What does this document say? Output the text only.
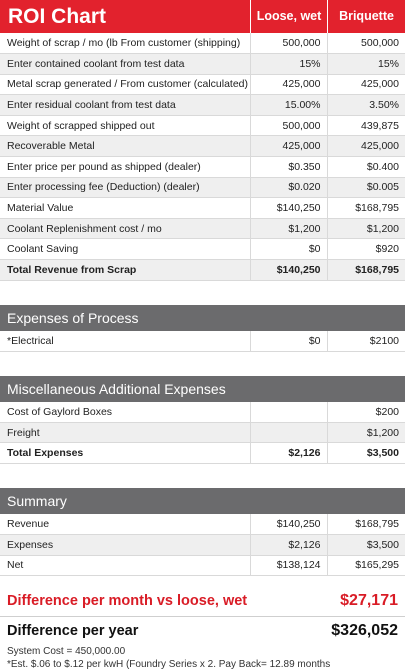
ROI Chart	Loose, wet	Briquette
Weight of scrap / mo (lb From customer (shipping)	500,000	500,000
Enter contained coolant from test data	15%	15%
Metal scrap generated / From customer (calculated)	425,000	425,000
Enter residual coolant from test data	15.00%	3.50%
Weight of scrapped shipped out	500,000	439,875
Recoverable Metal	425,000	425,000
Enter price per pound as shipped (dealer)	$0.350	$0.400
Enter processing fee (Deduction) (dealer)	$0.020	$0.005
Material Value	$140,250	$168,795
Coolant Replenishment cost / mo	$1,200	$1,200
Coolant Saving	$0	$920
Total Revenue from Scrap	$140,250	$168,795
Expenses of Process
*Electrical	$0	$2100
Miscellaneous Additional Expenses
Cost of Gaylord Boxes		$200
Freight		$1,200
Total Expenses	$2,126	$3,500
Summary
Revenue	$140,250	$168,795
Expenses	$2,126	$3,500
Net	$138,124	$165,295
Difference per month vs loose, wet	$27,171
Difference per year	$326,052
System Cost = 450,000.00
*Est. $.06 to $.12 per kwH (Foundry Series x 2. Pay Back= 12.89 months
